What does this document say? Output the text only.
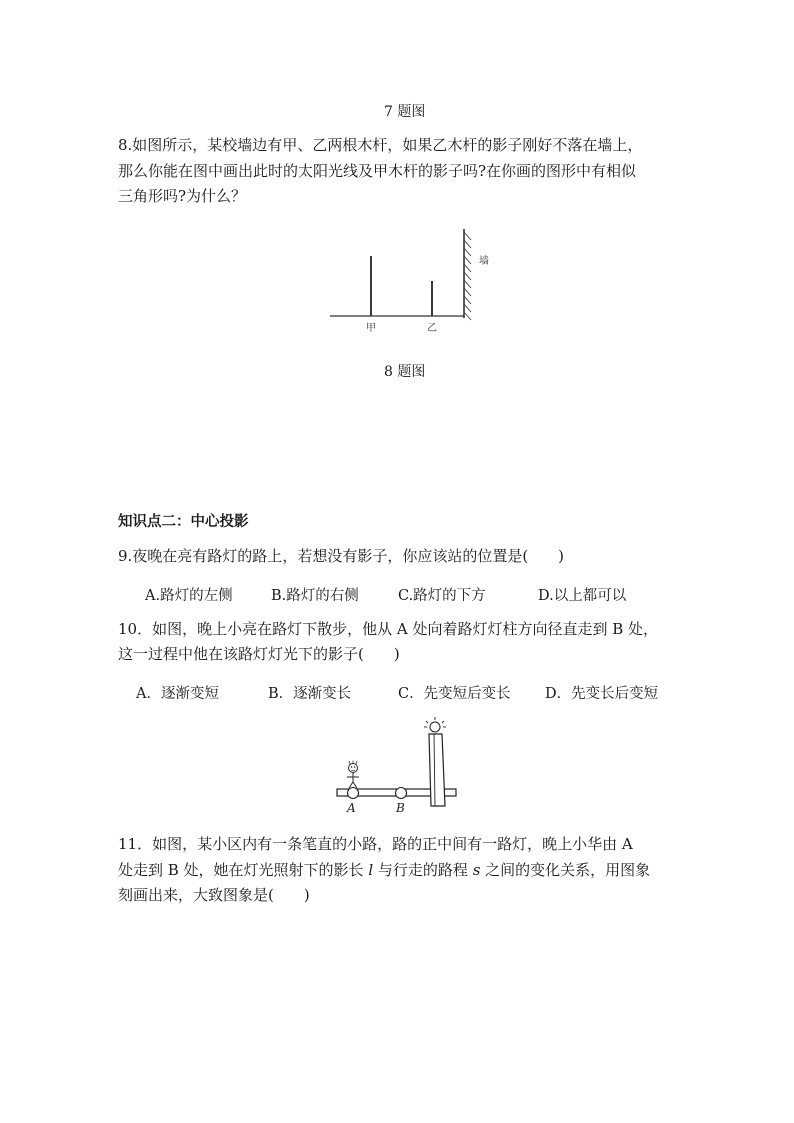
7 题图
8.如图所示，某校墙边有甲、乙两根木杆，如果乙木杆的影子刚好不落在墙上，
那么你能在图中画出此时的太阳光线及甲木杆的影子吗?在你画的图形中有相似
三角形吗?为什么？
甲	乙
墙
8 题图
知识点二：中心投影
9.夜晚在亮有路灯的路上，若想没有影子，你应该站的位置是(　　)
A.路灯的左侧	B.路灯的右侧	C.路灯的下方	D.以上都可以
10．如图，晚上小亮在路灯下散步，他从 A 处向着路灯灯柱方向径直走到 B 处，
这一过程中他在该路灯灯光下的影子(　　)
A．逐渐变短	B．逐渐变长	C．先变短后变长 D．先变长后变短
A	B
11．如图，某小区内有一条笔直的小路，路的正中间有一路灯，晚上小华由 A
处走到 B 处，她在灯光照射下的影长 l 与行走的路程 s 之间的变化关系，用图象
刻画出来，大致图象是(　　)
